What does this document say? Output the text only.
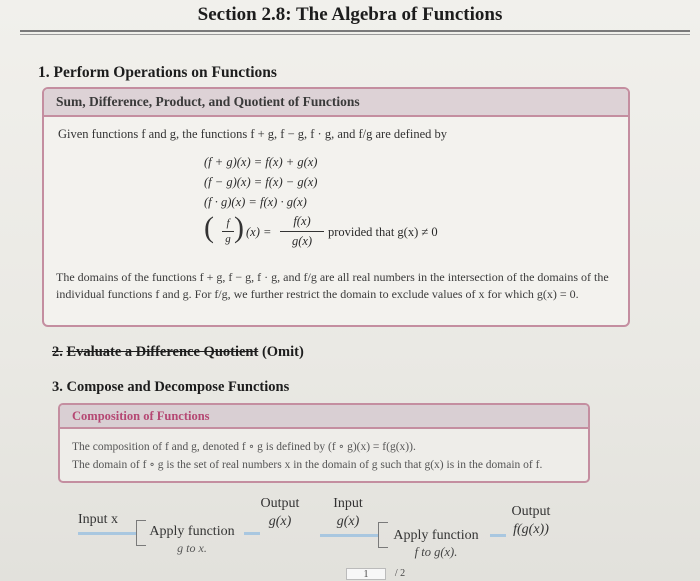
Section 2.8: The Algebra of Functions
1. Perform Operations on Functions
Sum, Difference, Product, and Quotient of Functions
Given functions f and g, the functions f + g, f − g, f · g, and f/g are defined by
(f + g)(x) = f(x) + g(x)
(f − g)(x) = f(x) − g(x)
(f · g)(x) = f(x) · g(x)
(	f
g ) (x) =
f(x)
g(x)
provided that g(x) ≠ 0
The domains of the functions f + g, f − g, f · g, and f/g are all real numbers in the intersection of the domains of the individual functions f and g. For f/g, we further restrict the domain to exclude values of x for which g(x) = 0.
2. Evaluate a Difference Quotient (Omit)
3. Compose and Decompose Functions
Composition of Functions
The composition of f and g, denoted f ∘ g is defined by (f ∘ g)(x) = f(g(x)).
The domain of f ∘ g is the set of real numbers x in the domain of g such that g(x) is in the domain of f.
Input x
Apply function
g to x.
Output
g(x)
Input
g(x)
Apply function
f to g(x).
Output
f(g(x))
1	/ 2
